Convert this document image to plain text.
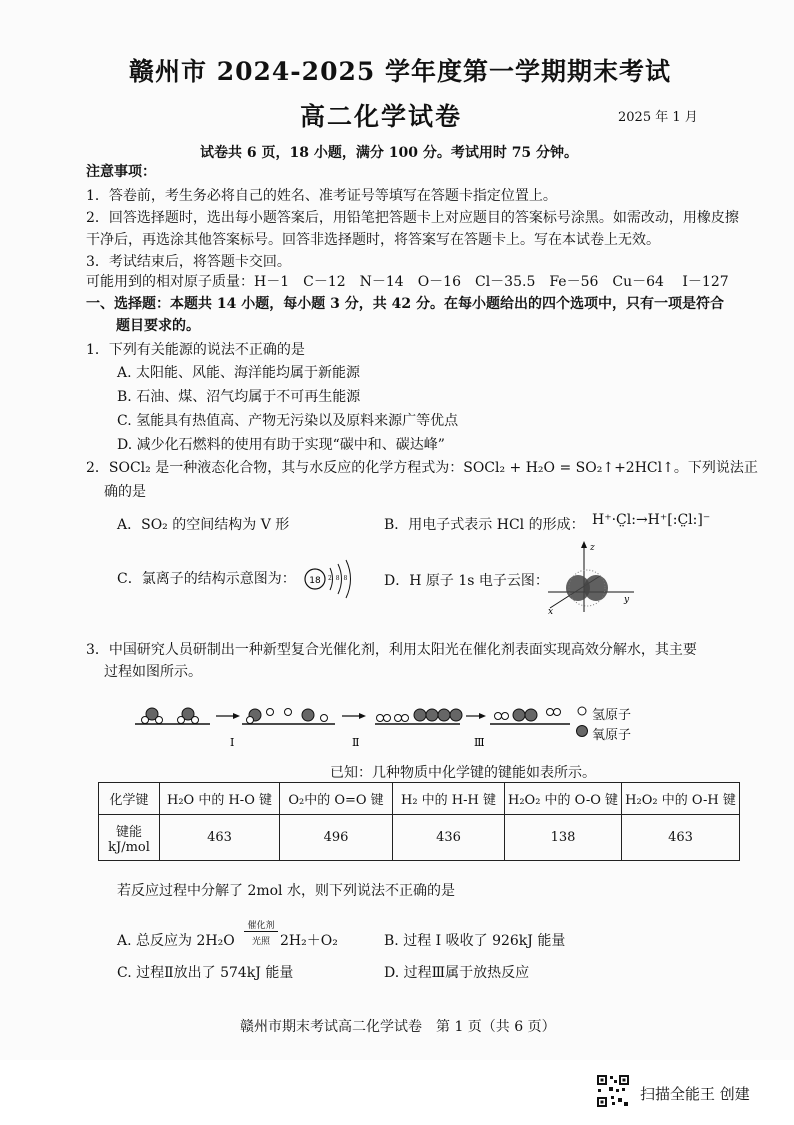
赣州市 2024-2025 学年度第一学期期末考试
高二化学试卷	2025 年 1 月
试卷共 6 页，18 小题，满分 100 分。考试用时 75 分钟。
注意事项：
1．答卷前，考生务必将自己的姓名、准考证号等填写在答题卡指定位置上。
2．回答选择题时，选出每小题答案后，用铅笔把答题卡上对应题目的答案标号涂黑。如需改动，用橡皮擦
干净后，再选涂其他答案标号。回答非选择题时，将答案写在答题卡上。写在本试卷上无效。
3．考试结束后，将答题卡交回。
可能用到的相对原子质量：H－1　C－12　N－14　O－16　Cl－35.5　Fe－56　Cu－64　 I－127
一、选择题：本题共 14 小题，每小题 3 分，共 42 分。在每小题给出的四个选项中，只有一项是符合
题目要求的。
1．下列有关能源的说法不正确的是
A. 太阳能、风能、海洋能均属于新能源
B. 石油、煤、沼气均属于不可再生能源
C. 氢能具有热值高、产物无污染以及原料来源广等优点
D. 减少化石燃料的使用有助于实现“碳中和、碳达峰”
2．SOCl₂ 是一种液态化合物，其与水反应的化学方程式为：SOCl₂ + H₂O = SO₂↑+2HCl↑。下列说法正
确的是
A．SO₂ 的空间结构为 V 形	B．用电子式表示 HCl 的形成： H⁺·C̤l:→H⁺[:C̤l:]⁻
C．氯离子的结构示意图为： 18 2 8 8	D．H 原子 1s 电子云图：
z
y
x
3．中国研究人员研制出一种新型复合光催化剂，利用太阳光在催化剂表面实现高效分解水，其主要
过程如图所示。
Ⅰ	Ⅱ	Ⅲ
氢原子
氧原子
已知：几种物质中化学键的键能如表所示。
化学键	H₂O 中的 H-O 键	O₂中的 O=O 键	H₂ 中的 H-H 键	H₂O₂ 中的 O-O 键	H₂O₂ 中的 O-H 键

键能
kJ/mol	463	496	436	138	463
若反应过程中分解了 2mol 水，则下列说法不正确的是
A. 总反应为 2H₂O
催化剂
光照 2H₂＋O₂	B. 过程 I 吸收了 926kJ 能量
C. 过程Ⅱ放出了 574kJ 能量	D. 过程Ⅲ属于放热反应
赣州市期末考试高二化学试卷　第 1 页（共 6 页）
扫描全能王 创建
